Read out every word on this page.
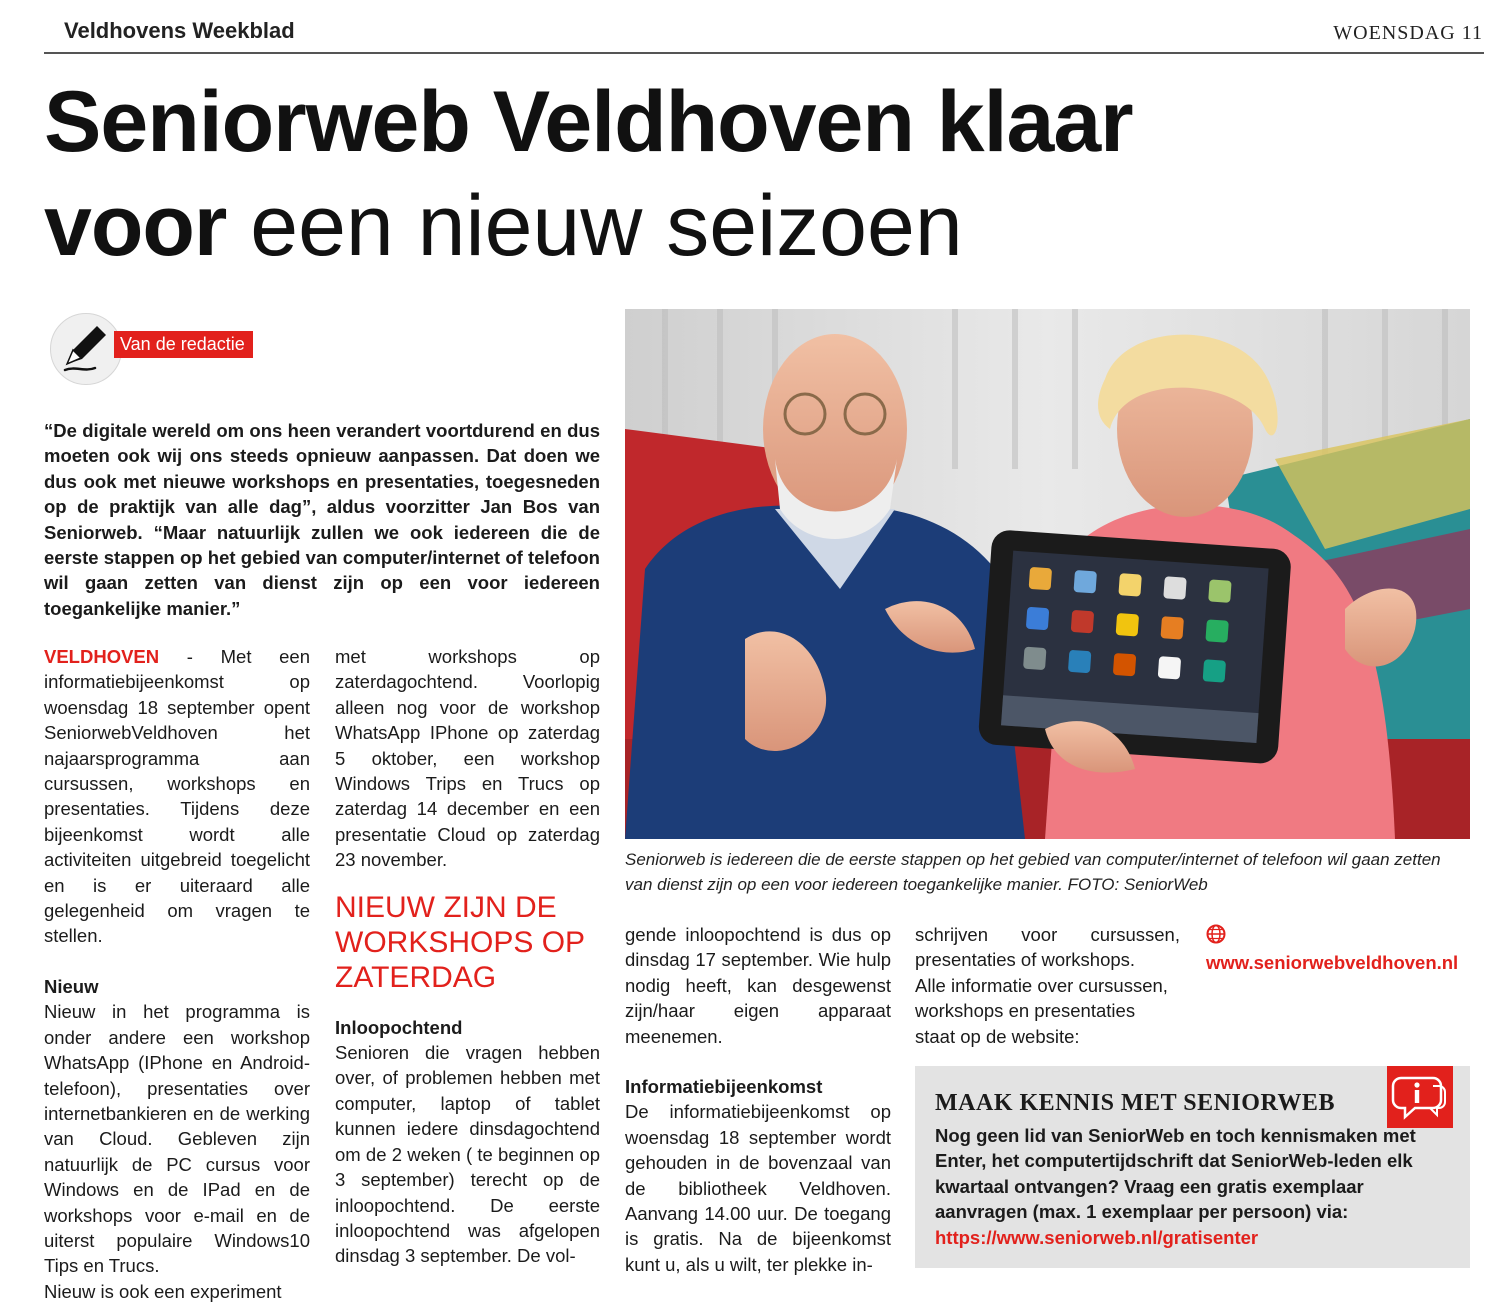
Veldhovens Weekblad	WOENSDAG 11
Seniorweb Veldhoven klaar
voor een nieuw seizoen
Van de redactie
“De digitale wereld om ons heen verandert voortdurend en dus moeten ook wij ons steeds opnieuw aanpassen. Dat doen we dus ook met nieuwe workshops en presentaties, toegesneden op de praktijk van alle dag”, aldus voorzitter Jan Bos van Seniorweb. “Maar natuurlijk zullen we ook iedereen die de eerste stappen op het gebied van computer/internet of telefoon wil gaan zetten van dienst zijn op een voor iedereen toegankelijke manier.”

VELDHOVEN - Met een informatiebijeenkomst op woensdag 18 september opent SeniorwebVeldhoven het najaarsprogramma aan cursussen, workshops en presentaties. Tijdens deze bijeenkomst wordt alle activiteiten uitgebreid toegelicht en is er uiteraard alle gelegenheid om vragen te stellen.

Nieuw

Nieuw in het programma is onder andere een workshop WhatsApp (IPhone en Android-telefoon), presentaties over internetbankieren en de werking van Cloud. Gebleven zijn natuurlijk de PC cursus voor Windows en de IPad en de workshops voor e-mail en de uiterst populaire Windows10 Tips en Trucs.

Nieuw is ook een experiment

met workshops op zaterdagochtend. Voorlopig alleen nog voor de workshop WhatsApp IPhone op zaterdag 5 oktober, een workshop Windows Trips en Trucs op zaterdag 14 december en een presentatie Cloud op zaterdag 23 november.

NIEUW ZIJN DE WORKSHOPS OP ZATERDAG

Inloopochtend

Senioren die vragen hebben over, of problemen hebben met computer, laptop of tablet kunnen iedere dinsdagochtend om de 2 weken ( te beginnen op 3 september) terecht op de inloopochtend. De eerste inloopochtend was afgelopen dinsdag 3 september. De vol-

gende inloopochtend is dus op dinsdag 17 september. Wie hulp nodig heeft, kan desgewenst zijn/haar eigen apparaat meenemen.

Informatiebijeenkomst

De informatiebijeenkomst op woensdag 18 september wordt gehouden in de bovenzaal van de bibliotheek Veldhoven. Aanvang 14.00 uur. De toegang is gratis. Na de bijeenkomst kunt u, als u wilt, ter plekke in-

schrijven voor cursussen, presentaties of workshops.

Alle informatie over cursussen, workshops en presentaties staat op de website:

www.seniorwebveldhoven.nl
Seniorweb is iedereen die de eerste stappen op het gebied van computer/internet of telefoon wil gaan zetten van dienst zijn op een voor iedereen toegankelijke manier. FOTO: SeniorWeb
MAAK KENNIS MET SENIORWEB
Nog geen lid van SeniorWeb en toch kennismaken met Enter, het computertijdschrift dat SeniorWeb-leden elk kwartaal ontvangen? Vraag een gratis exemplaar aanvragen (max. 1 exemplaar per persoon) via: https://www.seniorweb.nl/gratisenter
